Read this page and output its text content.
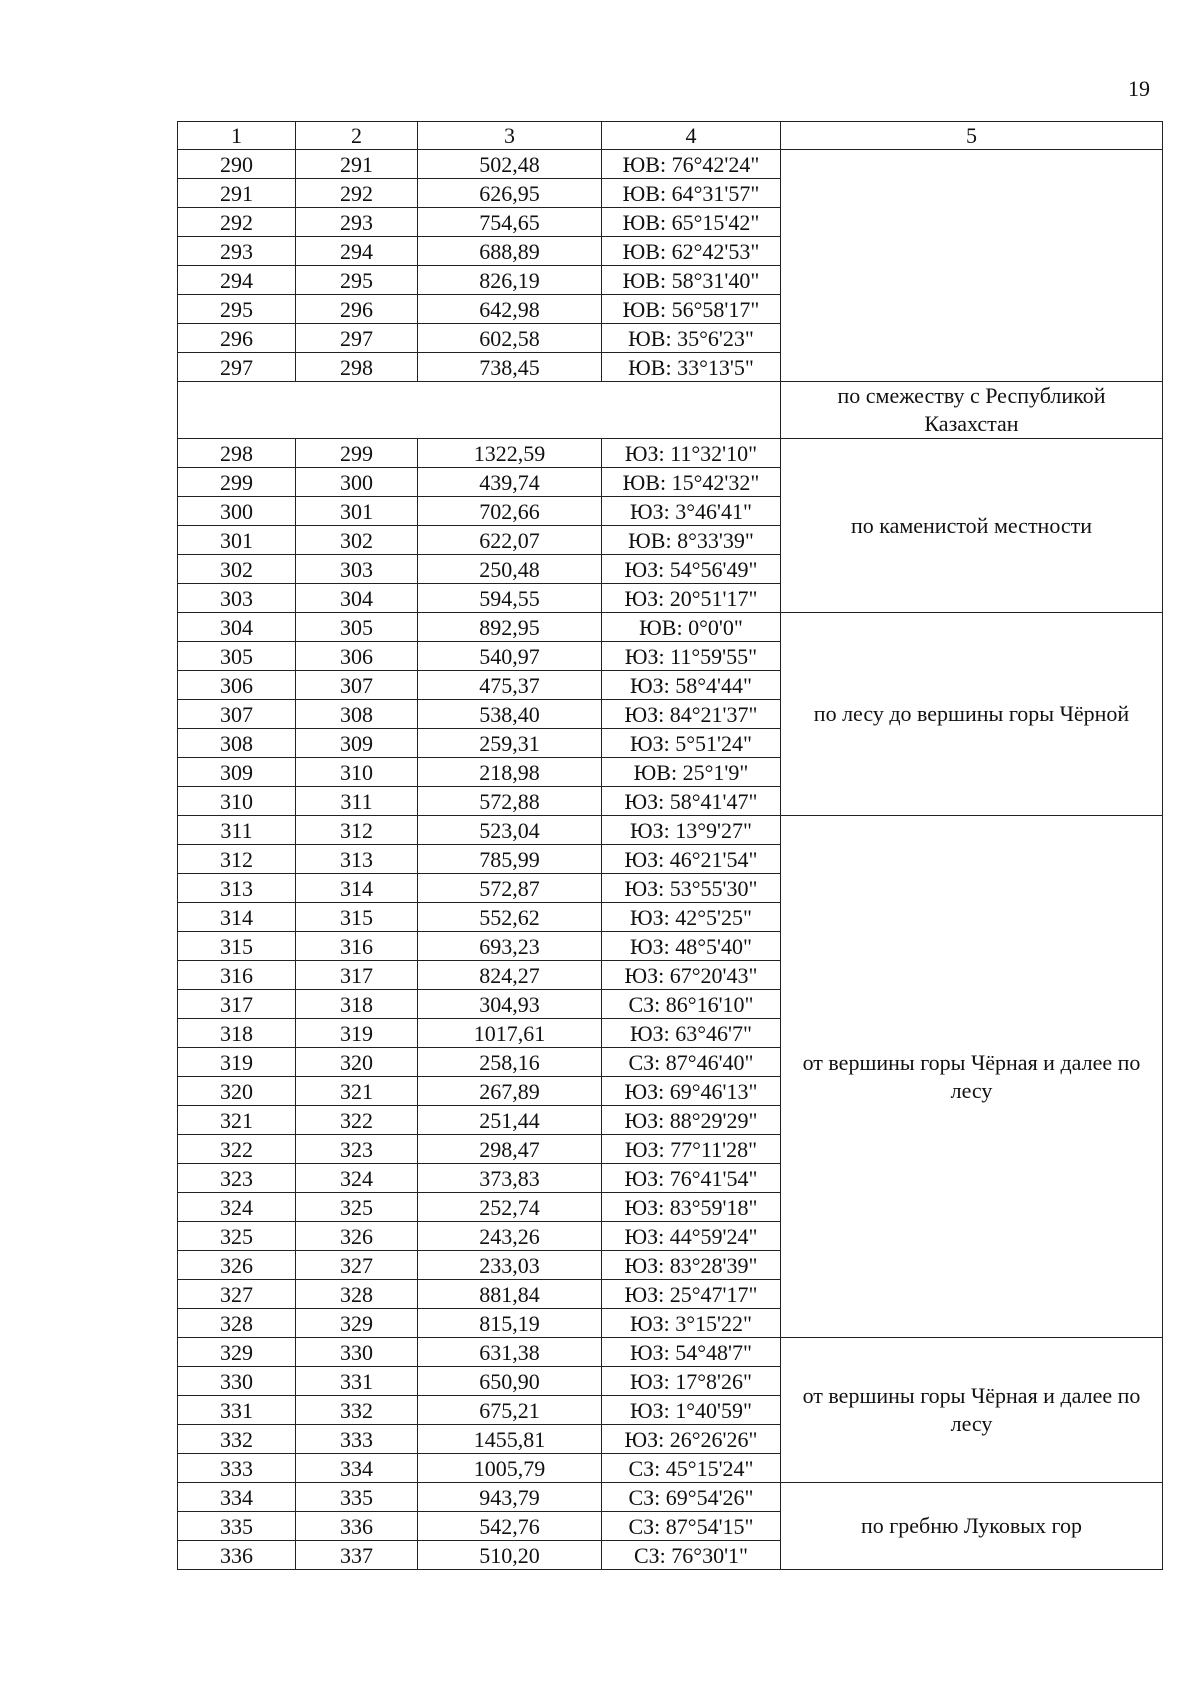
19
1	2	3	4	5
290	291	502,48	ЮВ: 76°42'24"	
291	292	626,95	ЮВ: 64°31'57"	
292	293	754,65	ЮВ: 65°15'42"	
293	294	688,89	ЮВ: 62°42'53"	
294	295	826,19	ЮВ: 58°31'40"	
295	296	642,98	ЮВ: 56°58'17"	
296	297	602,58	ЮВ: 35°6'23"	
297	298	738,45	ЮВ: 33°13'5"	
				по смежеству с Республикой Казахстан
298	299	1322,59	ЮЗ: 11°32'10"	по каменистой местности
299	300	439,74	ЮВ: 15°42'32"	
300	301	702,66	ЮЗ: 3°46'41"	
301	302	622,07	ЮВ: 8°33'39"	
302	303	250,48	ЮЗ: 54°56'49"	
303	304	594,55	ЮЗ: 20°51'17"	
304	305	892,95	ЮВ: 0°0'0"	по лесу до вершины горы Чёрной
305	306	540,97	ЮЗ: 11°59'55"	
306	307	475,37	ЮЗ: 58°4'44"	
307	308	538,40	ЮЗ: 84°21'37"	
308	309	259,31	ЮЗ: 5°51'24"	
309	310	218,98	ЮВ: 25°1'9"	
310	311	572,88	ЮЗ: 58°41'47"	
311	312	523,04	ЮЗ: 13°9'27"	от вершины горы Чёрная и далее по лесу
312	313	785,99	ЮЗ: 46°21'54"	
313	314	572,87	ЮЗ: 53°55'30"	
314	315	552,62	ЮЗ: 42°5'25"	
315	316	693,23	ЮЗ: 48°5'40"	
316	317	824,27	ЮЗ: 67°20'43"	
317	318	304,93	СЗ: 86°16'10"	
318	319	1017,61	ЮЗ: 63°46'7"	
319	320	258,16	СЗ: 87°46'40"	
320	321	267,89	ЮЗ: 69°46'13"	
321	322	251,44	ЮЗ: 88°29'29"	
322	323	298,47	ЮЗ: 77°11'28"	
323	324	373,83	ЮЗ: 76°41'54"	
324	325	252,74	ЮЗ: 83°59'18"	
325	326	243,26	ЮЗ: 44°59'24"	
326	327	233,03	ЮЗ: 83°28'39"	
327	328	881,84	ЮЗ: 25°47'17"	
328	329	815,19	ЮЗ: 3°15'22"	
329	330	631,38	ЮЗ: 54°48'7"	от вершины горы Чёрная и далее по лесу
330	331	650,90	ЮЗ: 17°8'26"	
331	332	675,21	ЮЗ: 1°40'59"	
332	333	1455,81	ЮЗ: 26°26'26"	
333	334	1005,79	СЗ: 45°15'24"	
334	335	943,79	СЗ: 69°54'26"	по гребню Луковых гор
335	336	542,76	СЗ: 87°54'15"	
336	337	510,20	СЗ: 76°30'1"	
